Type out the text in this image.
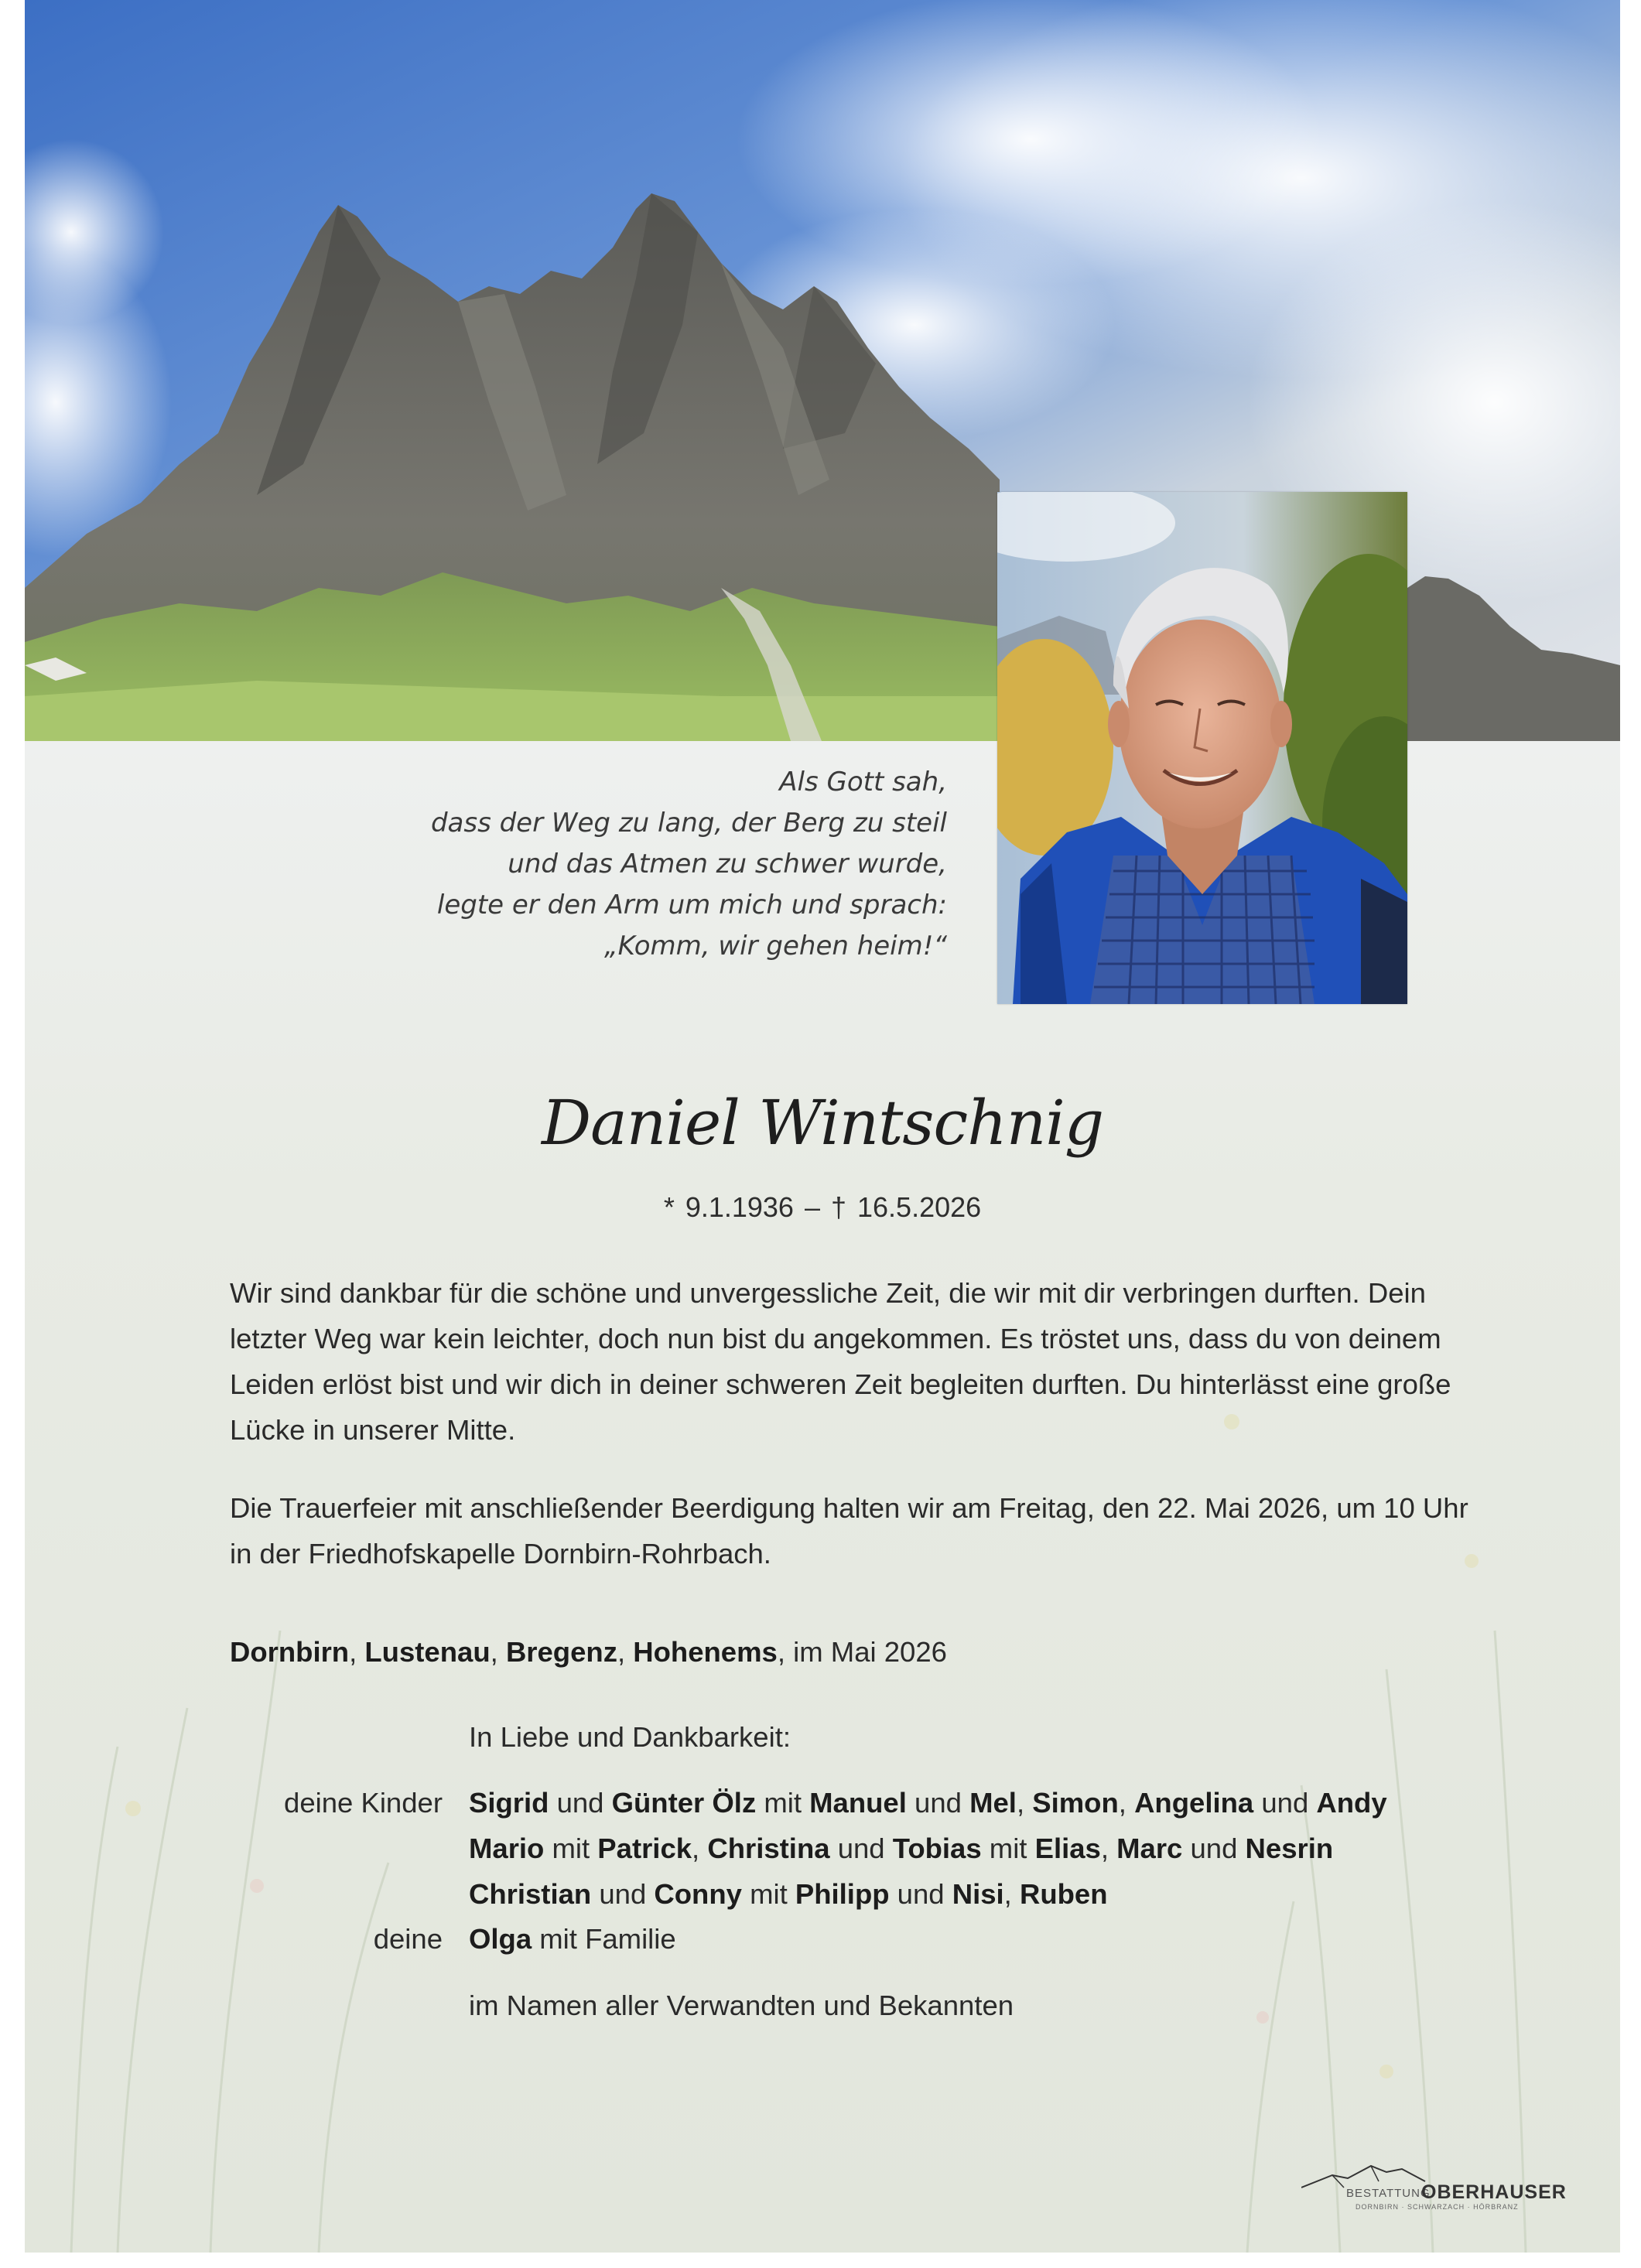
Als Gott sah,
dass der Weg zu lang, der Berg zu steil
und das Atmen zu schwer wurde,
legte er den Arm um mich und sprach:
„Komm, wir gehen heim!“
Daniel Wintschnig
* 9.1.1936 – † 16.5.2026
Wir sind dankbar für die schöne und unvergessliche Zeit, die wir mit dir verbringen durften. Dein
letzter Weg war kein leichter, doch nun bist du angekommen. Es tröstet uns, dass du von deinem
Leiden erlöst bist und wir dich in deiner schweren Zeit begleiten durften. Du hinterlässt eine große
Lücke in unserer Mitte.
Die Trauerfeier mit anschließender Beerdigung halten wir am Freitag, den 22. Mai 2026, um 10 Uhr
in der Friedhofskapelle Dornbirn-Rohrbach.
Dornbirn, Lustenau, Bregenz, Hohenems, im Mai 2026
In Liebe und Dankbarkeit:
deine Kinder
deine
Sigrid und Günter Ölz mit Manuel und Mel, Simon, Angelina und Andy
Mario mit Patrick, Christina und Tobias mit Elias, Marc und Nesrin
Christian und Conny mit Philipp und Nisi, Ruben
Olga mit Familie
im Namen aller Verwandten und Bekannten
BESTATTUNG
OBERHAUSER
DORNBIRN · SCHWARZACH · HÖRBRANZ
